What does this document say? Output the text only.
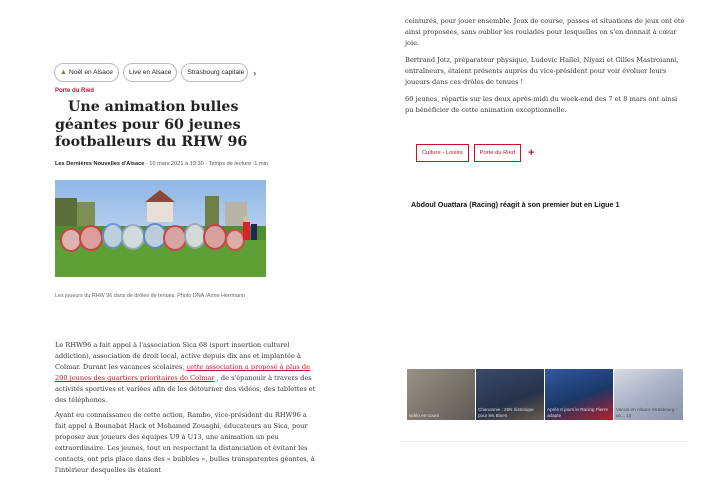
▲ Noël en Alsace Live en Alsace Strasbourg capitale ›
Porte du Ried
Une animation bulles géantes pour 60 jeunes footballeurs du RHW 96
Les Dernières Nouvelles d'Alsace - 10 mars 2021 à 19:30 - Temps de lecture :1 min
Les joueurs du RHW 96 dans de drôles de tenues. Photo DNA /Anne Herrmann

Le RHW96 a fait appel à l'association Sica 68 (sport insertion culturel addiction), association de droit local, active depuis dix ans et implantée à Colmar. Durant les vacances scolaires, cette association a proposé à plus de 200 jeunes des quartiers prioritaires de Colmar , de s'épanouir à travers des activités sportives et variées afin de les détourner des vidéos, des tablettes et des téléphones.

Ayant eu connaissance de cette action, Rambo, vice-président du RHW96 a fait appel à Bounabat Hack et Mohamed Zouaghi, éducateurs au Sica, pour proposer aux joueurs des équipes U9 à U13, une animation un peu extraordinaire. Les jeunes, tout en respectant la distanciation et évitant les contacts, ont pris place dans des « bubbles », bulles transparentes géantes, à l'intérieur desquelles ils étaient

ceinturés, pour jouer ensemble. Jeux de course, passes et situations de jeux ont été ainsi proposées, sans oublier les roulades pour lesquelles on s'en donnait à cœur joie.

Bertrand Jotz, préparateur physique, Ludovic Hallel, Niyazi et Gilles Mastroianni, entraîneurs, étaient présents auprès du vice-président pour voir évoluer leurs joueurs dans ces drôles de tenues !

60 jeunes, répartis sur les deux après-midi du week-end des 7 et 8 mars ont ainsi pu bénéficier de cette animation exceptionnelle.

Culture - Loisirs	Porte du Ried	+
Abdoul Ouattara (Racing) réagit à son premier but en Ligue 1
vidéo en cours
Chanonnie : 26N historique pour les Blues
Après 8 jours le Racing Pierre adapte
Vaccin en Alsace Strasbourg : un... 10
